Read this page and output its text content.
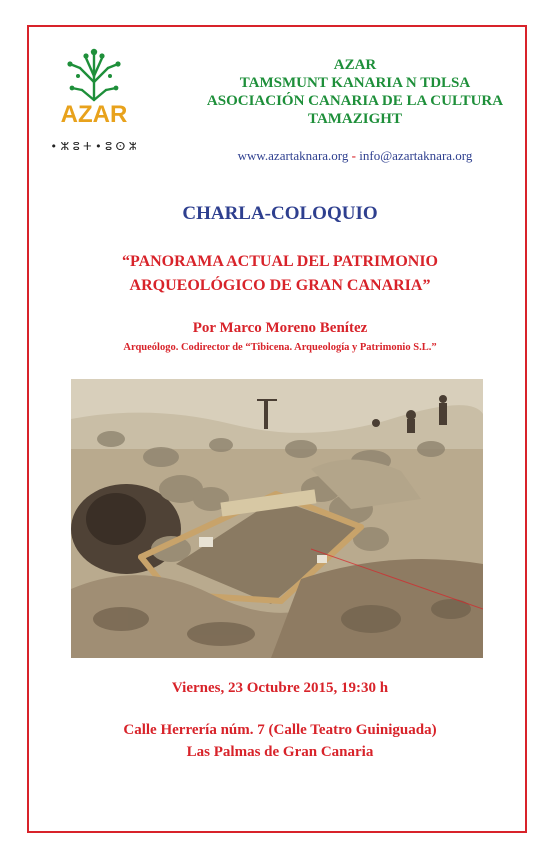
AZAR
• ⵣ ⵓ ⵜ • ⵓ ⵙ ⵣ
AZAR
TAMSMUNT KANARIA N TDLSA
ASOCIACIÓN CANARIA DE LA CULTURA
TAMAZIGHT
www.azartaknara.org - info@azartaknara.org
CHARLA-COLOQUIO
“PANORAMA ACTUAL DEL PATRIMONIO
ARQUEOLÓGICO DE GRAN CANARIA”
Por Marco Moreno Benítez
Arqueólogo. Codirector de “Tibicena. Arqueología y Patrimonio S.L.”
Viernes, 23 Octubre 2015, 19:30 h
Calle Herrería núm. 7 (Calle Teatro Guiniguada)
Las Palmas de Gran Canaria
